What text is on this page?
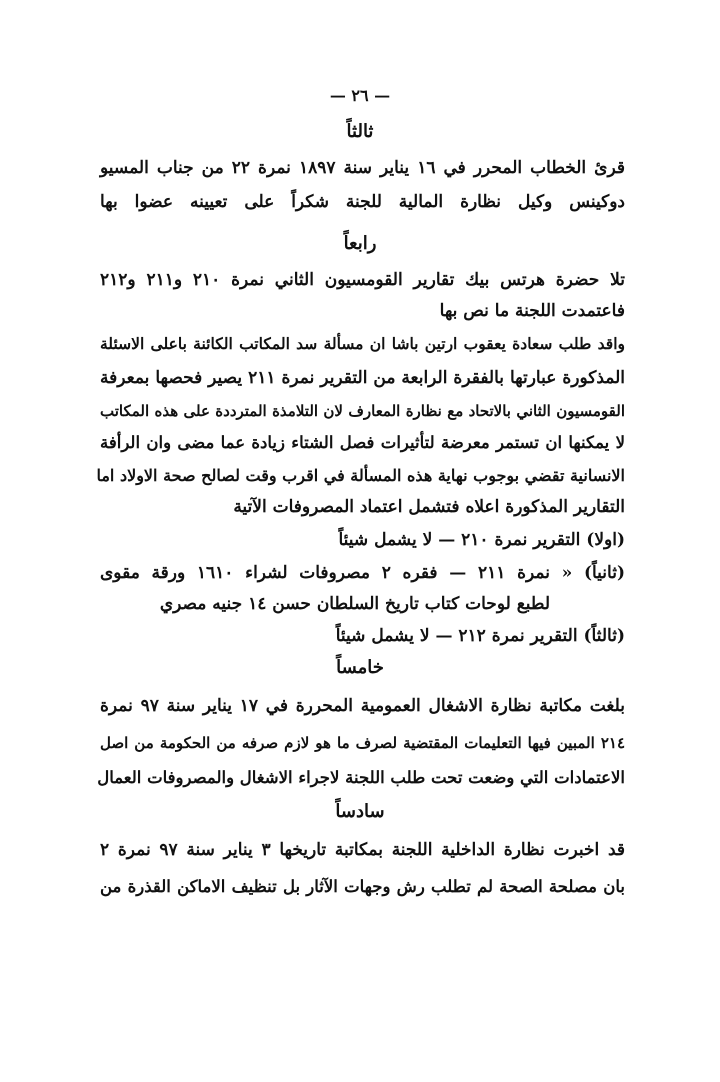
— ٢٦ —
ثالثاً
قرئ الخطاب المحرر في ١٦ يناير سنة ١٨٩٧ نمرة ٢٢ من جناب المسيو
دوكينس وكيل نظارة المالية للجنة شكراً على تعيينه عضوا بها
رابعاً
تلا حضرة هرتس بيك تقارير القومسيون الثاني نمرة ٢١٠ و٢١١ و٢١٢
فاعتمدت اللجنة ما نص بها
واقد طلب سعادة يعقوب ارتين باشا ان مسألة سد المكاتب الكائنة باعلى الاسئلة
المذكورة عبارتها بالفقرة الرابعة من التقرير نمرة ٢١١ يصير فحصها بمعرفة
القومسيون الثاني بالاتحاد مع نظارة المعارف لان التلامذة المترددة على هذه المكاتب
لا يمكنها ان تستمر معرضة لتأثيرات فصل الشتاء زيادة عما مضى وان الرأفة
الانسانية تقضي بوجوب نهاية هذه المسألة في اقرب وقت لصالح صحة الاولاد اما
التقارير المذكورة اعلاه فتشمل اعتماد المصروفات الآتية
(اولا) التقرير نمرة ٢١٠ — لا يشمل شيئاً
(ثانياً) « نمرة ٢١١ — فقره ٢ مصروفات لشراء ١٦١٠ ورقة مقوى
لطبع لوحات كتاب تاريخ السلطان حسن ١٤ جنيه مصري
(ثالثاً) التقرير نمرة ٢١٢ — لا يشمل شيئاً
خامساً
بلغت مكاتبة نظارة الاشغال العمومية المحررة في ١٧ يناير سنة ٩٧ نمرة
٢١٤ المبين فيها التعليمات المقتضية لصرف ما هو لازم صرفه من الحكومة من اصل
الاعتمادات التي وضعت تحت طلب اللجنة لاجراء الاشغال والمصروفات العمال
سادساً
قد اخبرت نظارة الداخلية اللجنة بمكاتبة تاريخها ٣ يناير سنة ٩٧ نمرة ٢
بان مصلحة الصحة لم تطلب رش وجهات الآثار بل تنظيف الاماكن القذرة من
